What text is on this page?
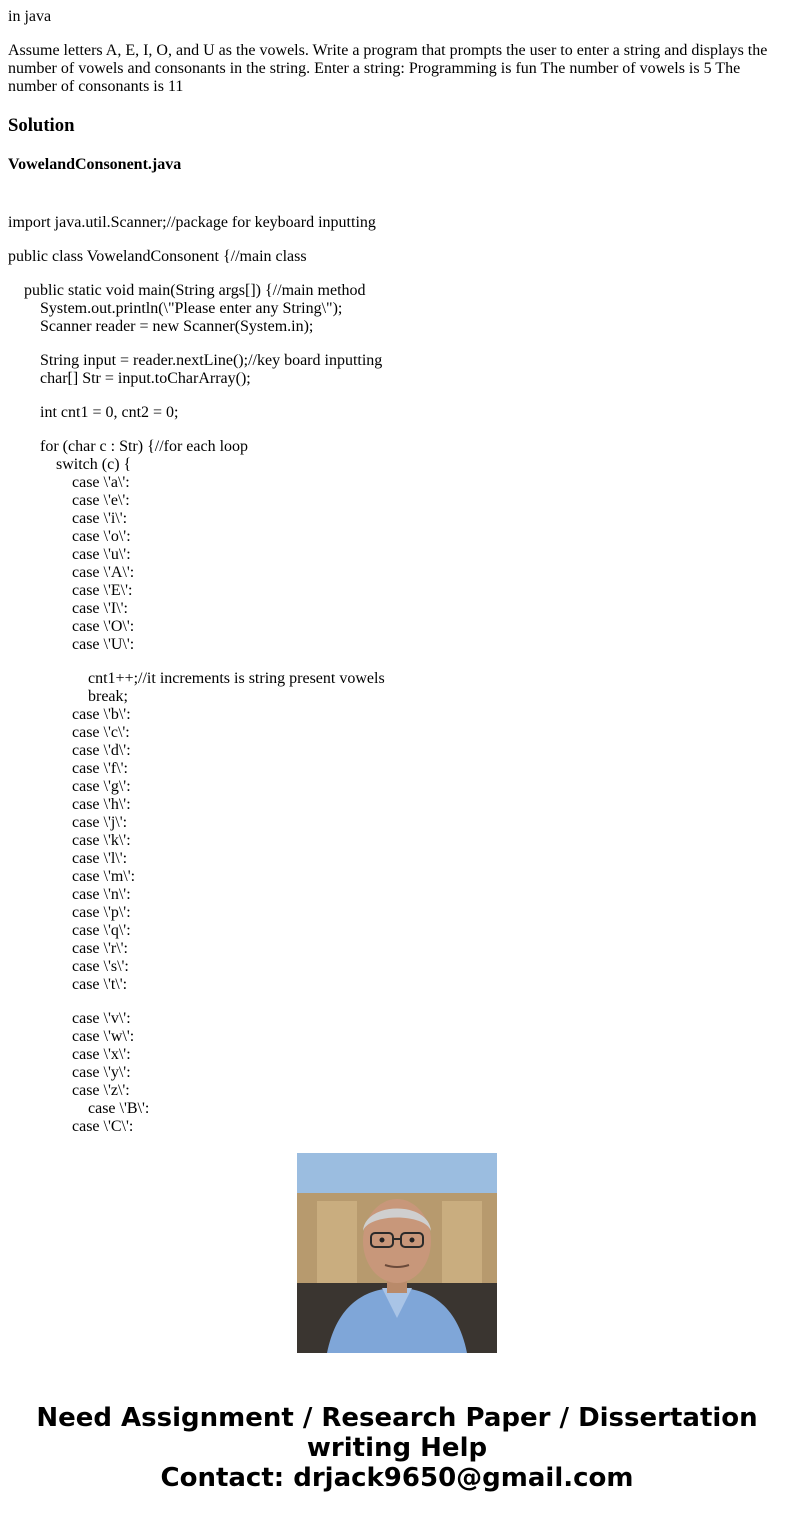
in java

Assume letters A, E, I, O, and U as the vowels. Write a program that prompts the user to enter a string and displays the number of vowels and consonants in the string. Enter a string: Programming is fun The number of vowels is 5 The number of consonants is 11

Solution
VowelandConsonent.java
import java.util.Scanner;//package for keyboard inputting
public class VowelandConsonent {//main class
public static void main(String args[]) {//main method
System.out.println(\"Please enter any String\");
Scanner reader = new Scanner(System.in);
String input = reader.nextLine();//key board inputting
char[] Str = input.toCharArray();
int cnt1 = 0, cnt2 = 0;
for (char c : Str) {//for each loop
switch (c) {
case \'a\':
case \'e\':
case \'i\':
case \'o\':
case \'u\':
case \'A\':
case \'E\':
case \'I\':
case \'O\':
case \'U\':
cnt1++;//it increments is string present vowels
break;
case \'b\':
case \'c\':
case \'d\':
case \'f\':
case \'g\':
case \'h\':
case \'j\':
case \'k\':
case \'l\':
case \'m\':
case \'n\':
case \'p\':
case \'q\':
case \'r\':
case \'s\':
case \'t\':
case \'v\':
case \'w\':
case \'x\':
case \'y\':
case \'z\':
case \'B\':
case \'C\':
Need Assignment / Research Paper / Dissertation
writing Help
Contact: drjack9650@gmail.com
